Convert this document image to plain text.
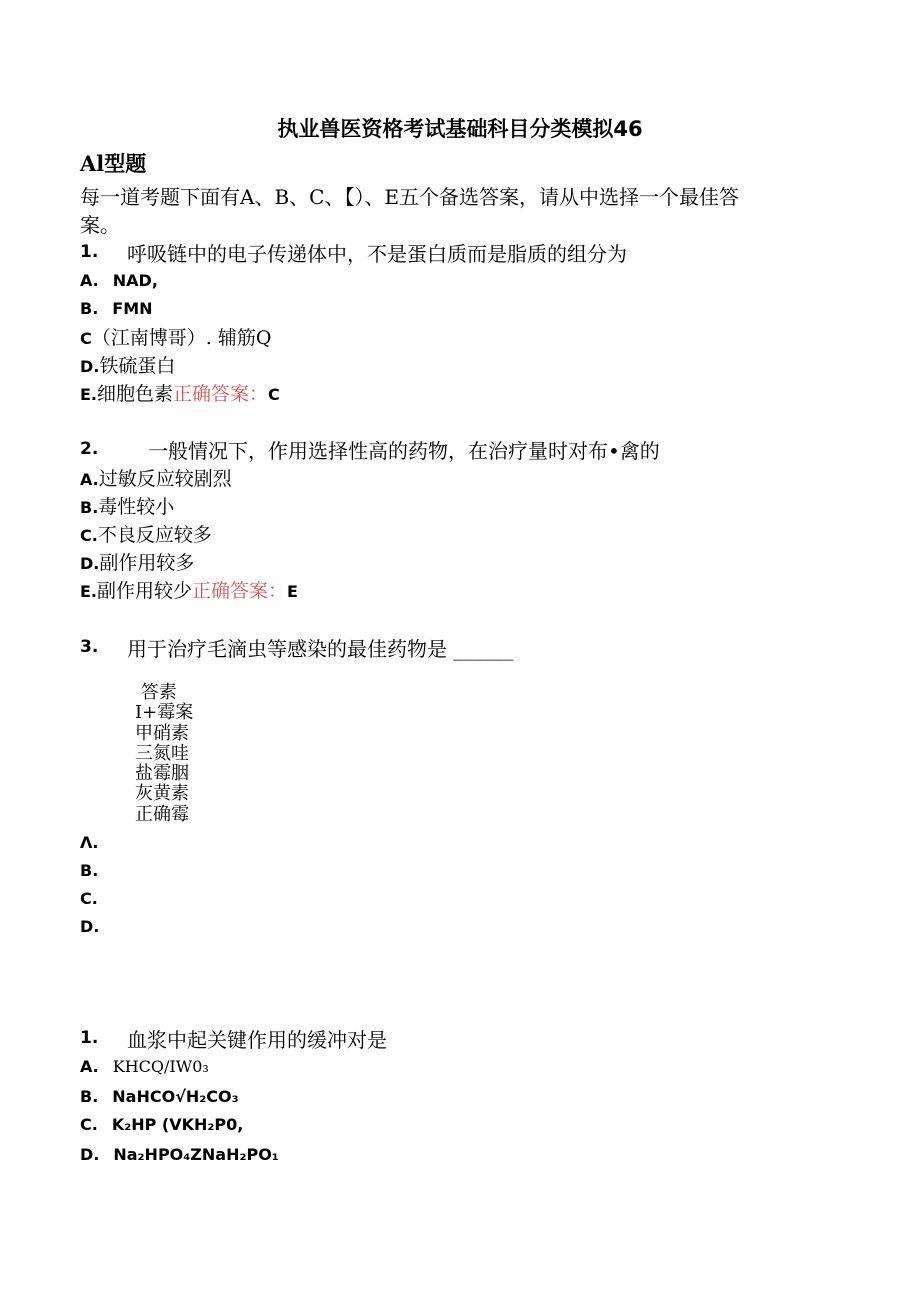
执业兽医资格考试基础科目分类模拟46
Al型题
每一道考题下面有A、B、C、【）、E五个备选答案，请从中选择一个最佳答
案。
1. 呼吸链中的电子传递体中，不是蛋白质而是脂质的组分为
A. NAD,
B. FMN
C（江南博哥）. 辅筋Q
D.铁硫蛋白
E.细胞色素正确答案：C
2. 一般情况下，作用选择性高的药物，在治疗量时对布•禽的
A.过敏反应较剧烈
B.毒性较小
C.不良反应较多
D.副作用较多
E.副作用较少正确答案：E
3. 用于治疗毛滴虫等感染的最佳药物是 ______
答素
I+霉案
甲硝素
三氮哇
盐霉胭
灰黄素
正确霉
Λ.
B.
C.
D.
1. 血浆中起关键作用的缓冲对是
A. KHCQ/IW0₃
B. NaHCO√H₂CO₃
C. K₂HP (VKH₂P0,
D. Na₂HPO₄ZNaH₂PO₁
